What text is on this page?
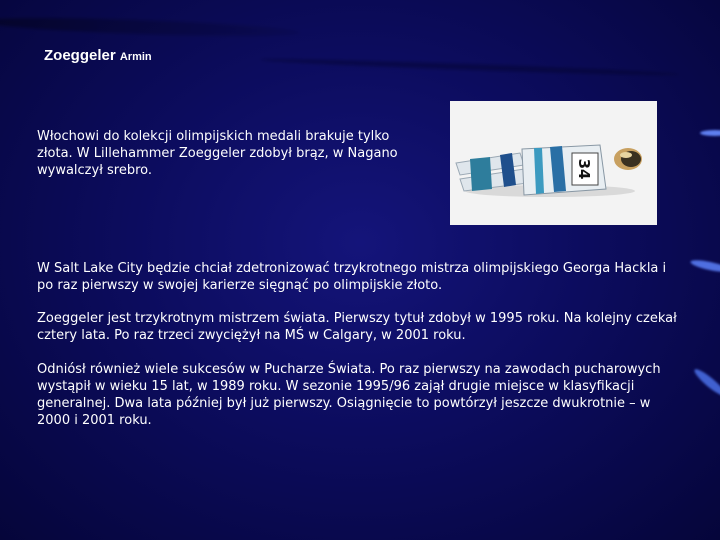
Zoeggeler Armin

Włochowi do kolekcji olimpijskich medali brakuje tylko złota. W Lillehammer Zoeggeler zdobył brąz, w Nagano wywalczył srebro.	34

W Salt Lake City będzie chciał zdetronizować trzykrotnego mistrza olimpijskiego Georga Hackla i po raz pierwszy w swojej karierze sięgnąć po olimpijskie złoto.

Zoeggeler jest trzykrotnym mistrzem świata. Pierwszy tytuł zdobył w 1995 roku. Na kolejny czekał cztery lata. Po raz trzeci zwyciężył na MŚ w Calgary, w 2001 roku.

Odniósł również wiele sukcesów w Pucharze Świata. Po raz pierwszy na zawodach pucharowych wystąpił w wieku 15 lat, w 1989 roku. W sezonie 1995/96 zajął drugie miejsce w klasyfikacji generalnej. Dwa lata później był już pierwszy. Osiągnięcie to powtórzył jeszcze dwukrotnie – w 2000 i 2001 roku.
